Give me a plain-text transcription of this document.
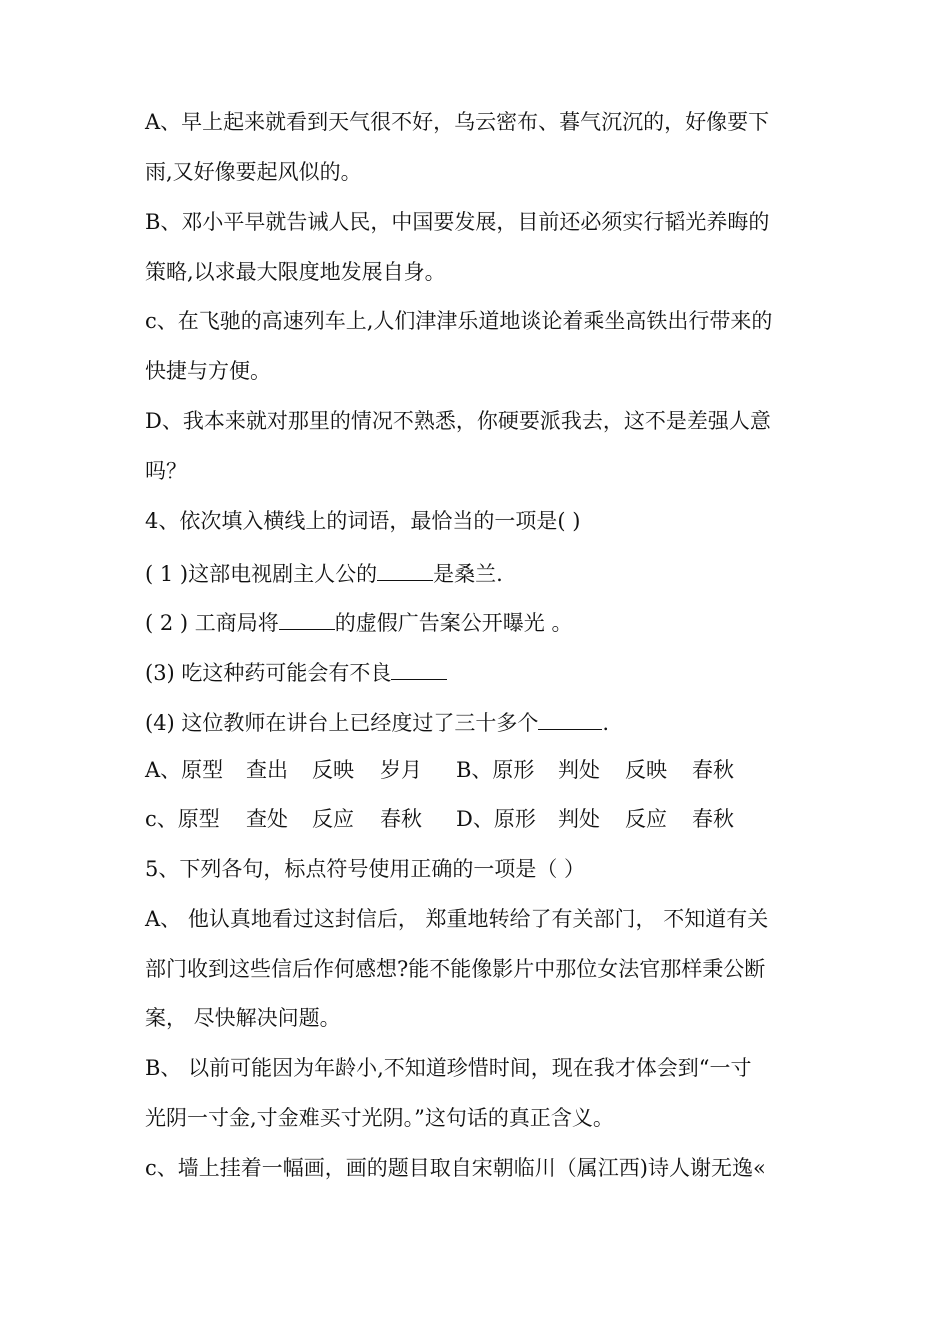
A、早上起来就看到天气很不好，乌云密布、暮气沉沉的，好像要下
雨,又好像要起风似的。
B、邓小平早就告诫人民，中国要发展，目前还必须实行韬光养晦的
策略,以求最大限度地发展自身。
c、在飞驰的高速列车上,人们津津乐道地谈论着乘坐高铁出行带来的
快捷与方便。
D、我本来就对那里的情况不熟悉，你硬要派我去，这不是差强人意
吗？
4、依次填入横线上的词语，最恰当的一项是( )
( 1 )这部电视剧主人公的	是桑兰.
( 2 ) 工商局将	的虚假广告案公开曝光 。
(3) 吃这种药可能会有不良
(4) 这位教师在讲台上已经度过了三十多个	.
A、原型 查出 反映 岁月 B、原形 判处 反映 春秋
c、原型 查处 反应 春秋 D、原形 判处 反应 春秋
5、下列各句，标点符号使用正确的一项是（ ）
A、 他认真地看过这封信后， 郑重地转给了有关部门， 不知道有关
部门收到这些信后作何感想?能不能像影片中那位女法官那样秉公断
案， 尽快解决问题。
B、 以前可能因为年龄小,不知道珍惜时间，现在我才体会到“一寸
光阴一寸金,寸金难买寸光阴。”这句话的真正含义。
c、墙上挂着一幅画，画的题目取自宋朝临川（属江西)诗人谢无逸«
